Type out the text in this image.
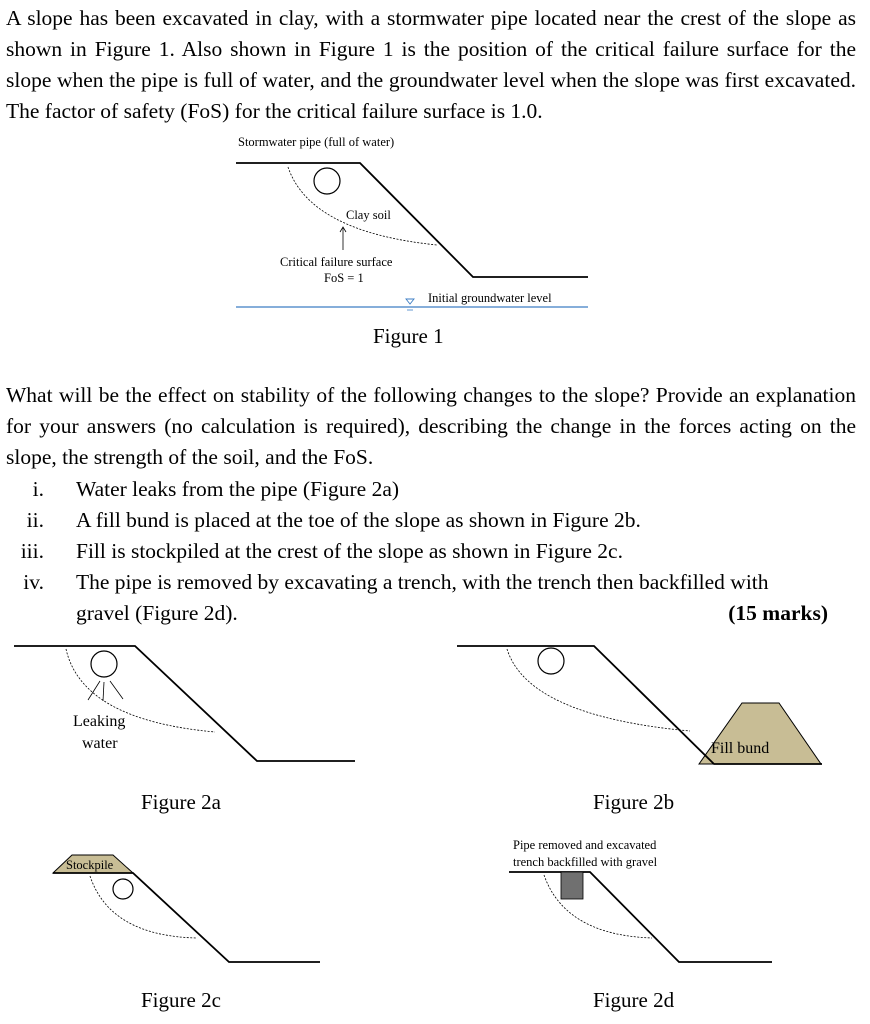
A slope has been excavated in clay, with a stormwater pipe located near the crest of the slope as shown in Figure 1. Also shown in Figure 1 is the position of the critical failure surface for the slope when the pipe is full of water, and the groundwater level when the slope was first excavated. The factor of safety (FoS) for the critical failure surface is 1.0.

Stormwater pipe (full of water)
Clay soil
Critical failure surface
FoS = 1
Initial groundwater level
Figure 1
Leaking
water
Figure 2a
Fill bund
Figure 2b
Stockpile
Figure 2c
Pipe removed and excavated
trench backfilled with gravel
Figure 2d

What will be the effect on stability of the following changes to the slope? Provide an explanation for your answers (no calculation is required), describing the change in the forces acting on the slope, the strength of the soil, and the FoS.

i. Water leaks from the pipe (Figure 2a)
ii. A fill bund is placed at the toe of the slope as shown in Figure 2b.
iii. Fill is stockpiled at the crest of the slope as shown in Figure 2c.
iv. The pipe is removed by excavating a trench, with the trench then backfilled with
gravel (Figure 2d).	(15 marks)
